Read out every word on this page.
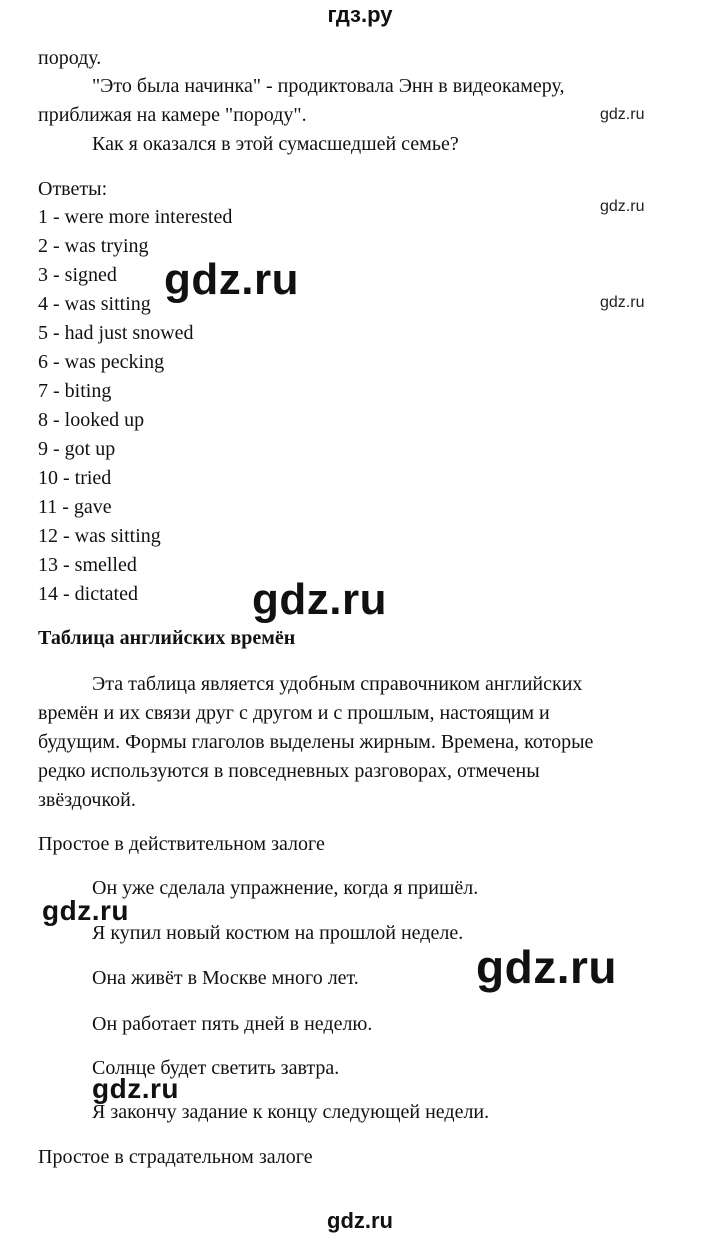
гдз.ру
породу.
"Это была начинка" - продиктовала Энн в видеокамеру,
приближая на камере "породу".
Как я оказался в этой сумасшедшей семье?
Ответы:
1 - were more interested
2 - was trying
3 - signed
4 - was sitting
5 - had just snowed
6 - was pecking
7 - biting
8 - looked up
9 - got up
10 - tried
11 - gave
12 - was sitting
13 - smelled
14 - dictated
Таблица английских времён
Эта таблица является удобным справочником английских
времён и их связи друг с другом и с прошлым, настоящим и
будущим. Формы глаголов выделены жирным. Времена, которые
редко используются в повседневных разговорах, отмечены
звёздочкой.
Простое в действительном залоге
Он уже сделала упражнение, когда я пришёл.
Я купил новый костюм на прошлой неделе.
Она живёт в Москве много лет.
Он работает пять дней в неделю.
Солнце будет светить завтра.
Я закончу задание к концу следующей недели.
Простое в страдательном залоге
gdz.ru
gdz.ru
gdz.ru
gdz.ru
gdz.ru
gdz.ru
gdz.ru
gdz.ru
gdz.ru
